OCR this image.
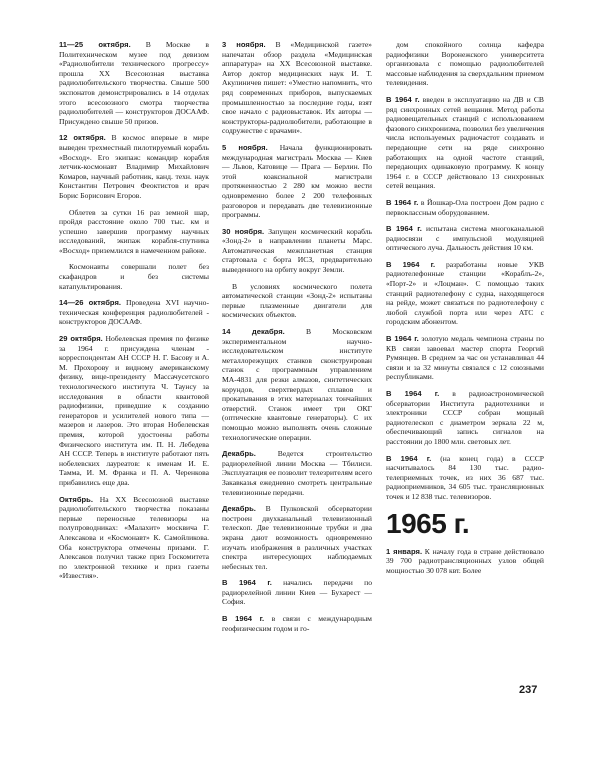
11—25 октября. В Москве в Политехническом музее под девизом «Радиолюбители технического прогрессу» прошла XX Всесоюзная выставка радиолюбительского творчества. Свыше 500 экспонатов демонстрировались в 14 отделах этого всесоюзного смотра творчества радиолюбителей — конструкторов ДОСААФ. Присуждено свыше 50 призов.
12 октября. В космос впервые в мире выведен трехместный пилотируемый корабль «Восход». Его экипаж: командир корабля летчик-космонавт Владимир Михайлович Комаров, научный работник, канд. техн. наук Константин Петрович Феоктистов и врач Борис Борисович Егоров.
Облетев за сутки 16 раз земной шар, пройдя расстояние около 700 тыс. км и успешно завершив программу научных исследований, экипаж корабля-спутника «Восход» приземлился в намеченном районе.
Космонавты совершали полет без скафандров и без системы катапультирования.
14—26 октября. Проведена XVI научно-техническая конференция радиолюбителей - конструкторов ДОСААФ.
29 октября. Нобелевская премия по физике за 1964 г. присуждена членам - корреспондентам АН СССР Н. Г. Басову и А. М. Прохорову и видному американскому физику, вице-президенту Массачусетского технологического института Ч. Таунсу за исследования в области квантовой радиофизики, приведшие к созданию генераторов и усилителей нового типа — мазеров и лазеров. Это вторая Нобелевская премия, которой удостоены работы Физического института им. П. Н. Лебедева АН СССР. Теперь в институте работают пять нобелевских лауреатов: к именам И. Е. Тамма, И. М. Франка и П. А. Черенкова прибавились еще два.
Октябрь. На XX Всесоюзной выставке радиолюбительского творчества показаны первые переносные телевизоры на полупроводниках: «Малахит» москвича Г. Алексакова и «Космонавт» К. Самойликова. Оба конструктора отмечены призами. Г. Алексаков получил также приз Госкомитета по электронной технике и приз газеты «Известия».
3 ноября. В «Медицинской газете» напечатан обзор раздела «Медицинская аппаратура» на XX Всесоюзной выставке. Автор доктор медицинских наук И. Т. Акулиничев пишет: «Уместно напомнить, что ряд современных приборов, выпускаемых промышленностью за последние годы, взят свое начало с радиовыставок. Их авторы — конструкторы-радиолюбители, работающие в содружестве с врачами».
5 ноября. Начала функционировать международная магистраль Москва — Киев — Львов, Катовице — Прага — Берлин. По этой коаксиальной магистрали протяженностью 2 280 км можно вести одновременно более 2 200 телефонных разговоров и передавать две телевизионные программы.
30 ноября. Запущен космический корабль «Зонд-2» в направлении планеты Марс. Автоматическая межпланетная станция стартовала с борта ИСЗ, предварительно выведенного на орбиту вокруг Земли.
В условиях космического полета автоматической станции «Зонд-2» испытаны первые плазменные двигатели для космических объектов.
14 декабря. В Московском экспериментальном научно-исследовательском институте металлорежущих станков сконструирован станок с программным управлением МА-4831 для резки алмазов, синтетических корундов, сверхтвердых сплавов и прокатывания в этих материалах тончайших отверстий. Станок имеет три ОКГ (оптические квантовые генераторы). С их помощью можно выполнять очень сложные технологические операции.
Декабрь. Ведется строительство радиорелейной линии Москва — Тбилиси. Эксплуатация ее позволит телезрителям всего Закавказья ежедневно смотреть центральные телевизионные передачи.
Декабрь. В Пулковской обсерватории построен двухканальный телевизионный телескоп. Две телевизионные трубки и два экрана дают возможность одновременно изучать изображения в различных участках спектра интересующих наблюдаемых небесных тел.
В 1964 г. начались передачи по радиорелейной линии Киев — Бухарест — София.
В 1964 г. в связи с международным геофизическим годом и го-
дом спокойного солнца кафедра радиофизики Воронежского университета организовала с помощью радиолюбителей массовые наблюдения за сверхдальним приемом телевидения.
В 1964 г. введен в эксплуатацию на ДВ и СВ ряд синхронных сетей вещания. Метод работы радиовещательных станций с использованием фазового синхронизма, позволил без увеличения числа используемых радиочастот создавать и передающие сети на ряде синхронно работающих на одной частоте станций, передающих одинаковую программу. К концу 1964 г. в СССР действовало 13 синхронных сетей вещания.
В 1964 г. в Йошкар-Ола построен Дом радио с первоклассным оборудованием.
В 1964 г. испытана система многоканальной радиосвязи с импульсной модуляцией оптического луча. Дальность действия 10 км.
В 1964 г. разработаны новые УКВ радиотелефонные станции «Кораблъ-2», «Порт-2» и «Лоцман». С помощью таких станций радиотелефону с судна, находящегося на рейде, может связаться по радиотелефону с любой службой порта или через АТС с городским абонентом.
В 1964 г. золотую медаль чемпиона страны по КВ связи завоевал мастер спорта Георгий Румянцев. В среднем за час он устанавливал 44 связи и за 32 минуты связался с 12 союзными республиками.
В 1964 г. в радиоастрономической обсерватории Института радиотехники и электроники СССР собран мощный радиотелескоп с диаметром зеркала 22 м, обеспечивающий запись сигналов на расстоянии до 1800 млн. световых лет.
В 1964 г. (на конец года) в СССР насчитывалось 84 130 тыс. радио- телеприемных точек, из них 36 687 тыс. радиоприемников, 34 605 тыс. трансляционных точек и 12 838 тыс. телевизоров.
1965 г.
1 января. К началу года в стране действовало 39 700 радиотрансляционных узлов общей мощностью 30 078 квт. Более
237
